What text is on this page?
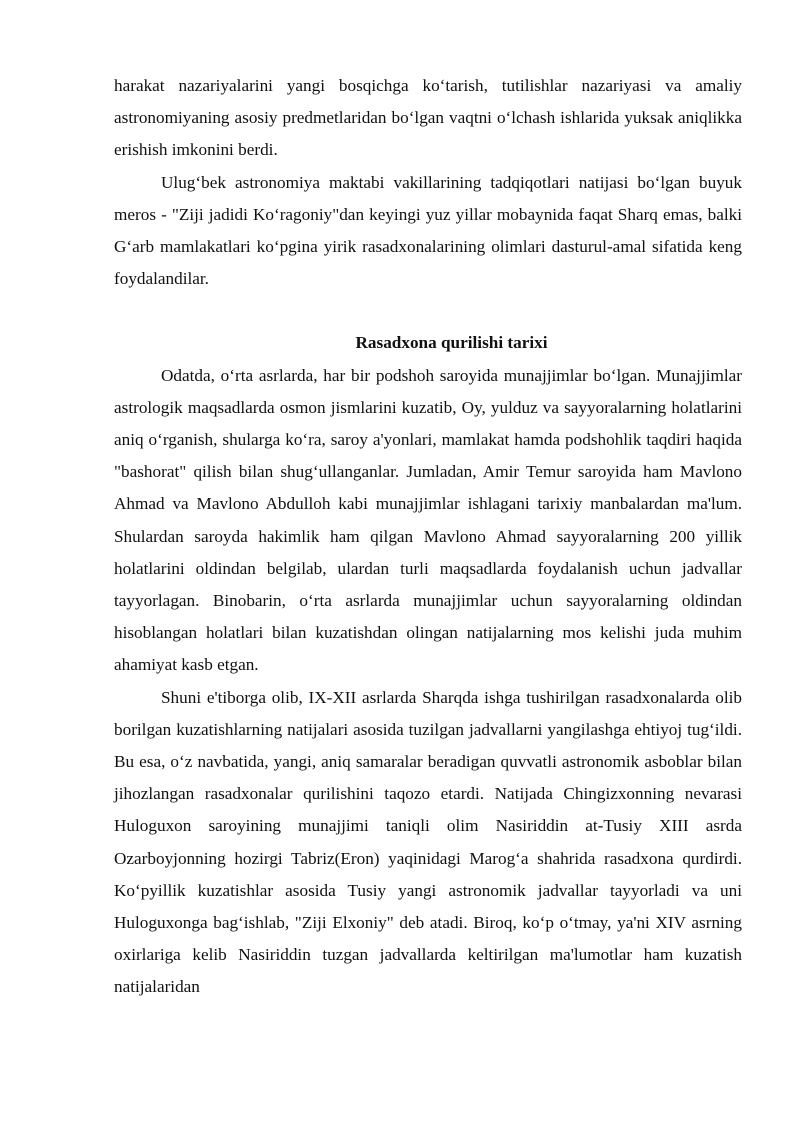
harakat nazariyalarini yangi bosqichga ko‘tarish, tutilishlar nazariyasi va amaliy astronomiyaning asosiy predmetlaridan bo‘lgan vaqtni o‘lchash ishlarida yuksak aniqlikka erishish imkonini berdi.

Ulug‘bek astronomiya maktabi vakillarining tadqiqotlari natijasi bo‘lgan buyuk meros - "Ziji jadidi Ko‘ragoniy"dan keyingi yuz yillar mobaynida faqat Sharq emas, balki G‘arb mamlakatlari ko‘pgina yirik rasadxonalarining olimlari dasturul-amal sifatida keng foydalandilar.

Rasadxona qurilishi tarixi

Odatda, o‘rta asrlarda, har bir podshoh saroyida munajjimlar bo‘lgan. Munajjimlar astrologik maqsadlarda osmon jismlarini kuzatib, Oy, yulduz va sayyoralarning holatlarini aniq o‘rganish, shularga ko‘ra, saroy a'yonlari, mamlakat hamda podshohlik taqdiri haqida "bashorat" qilish bilan shug‘ullanganlar. Jumladan, Amir Temur saroyida ham Mavlono Ahmad va Mavlono Abdulloh kabi munajjimlar ishlagani tarixiy manbalardan ma'lum. Shulardan saroyda hakimlik ham qilgan Mavlono Ahmad sayyoralarning 200 yillik holatlarini oldindan belgilab, ulardan turli maqsadlarda foydalanish uchun jadvallar tayyorlagan. Binobarin, o‘rta asrlarda munajjimlar uchun sayyoralarning oldindan hisoblangan holatlari bilan kuzatishdan olingan natijalarning mos kelishi juda muhim ahamiyat kasb etgan.

Shuni e'tiborga olib, IX-XII asrlarda Sharqda ishga tushirilgan rasadxonalarda olib borilgan kuzatishlarning natijalari asosida tuzilgan jadvallarni yangilashga ehtiyoj tug‘ildi. Bu esa, o‘z navbatida, yangi, aniq samaralar beradigan quvvatli astronomik asboblar bilan jihozlangan rasadxonalar qurilishini taqozo etardi. Natijada Chingizxonning nevarasi Huloguxon saroyining munajjimi taniqli olim Nasiriddin at-Tusiy XIII asrda Ozarboyjonning hozirgi Tabriz(Eron) yaqinidagi Marog‘a shahrida rasadxona qurdirdi. Ko‘pyillik kuzatishlar asosida Tusiy yangi astronomik jadvallar tayyorladi va uni Huloguxonga bag‘ishlab, "Ziji Elxoniy" deb atadi. Biroq, ko‘p o‘tmay, ya'ni XIV asrning oxirlariga kelib Nasiriddin tuzgan jadvallarda keltirilgan ma'lumotlar ham kuzatish natijalaridan
